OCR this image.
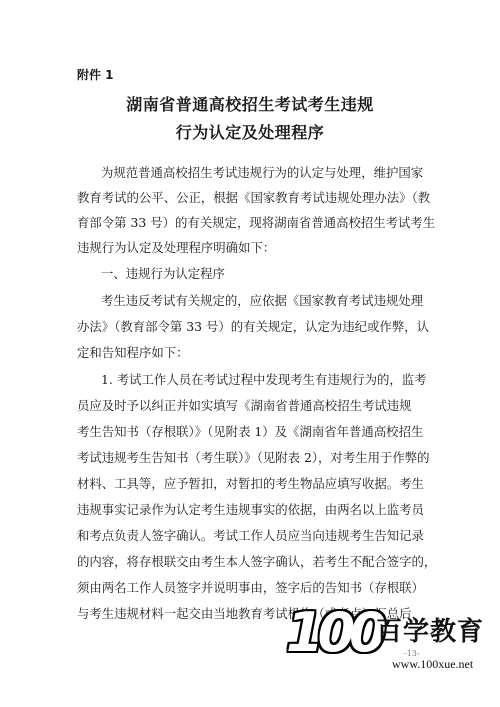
附件 1
湖南省普通高校招生考试考生违规
行为认定及处理程序
为规范普通高校招生考试违规行为的认定与处理，维护国家
教育考试的公平、公正，根据《国家教育考试违规处理办法》（教
育部令第 33 号）的有关规定，现将湖南省普通高校招生考试考生
违规行为认定及处理程序明确如下：
一、违规行为认定程序
考生违反考试有关规定的，应依据《国家教育考试违规处理
办法》（教育部令第 33 号）的有关规定，认定为违纪或作弊，认
定和告知程序如下：
1. 考试工作人员在考试过程中发现考生有违规行为的，监考
员应及时予以纠正并如实填写《湖南省普通高校招生考试违规
考生告知书（存根联）》（见附表 1）及《湖南省年普通高校招生
考试违规考生告知书（考生联）》（见附表 2），对考生用于作弊的
材料、工具等，应予暂扣，对暂扣的考生物品应填写收据。考生
违规事实记录作为认定考生违规事实的依据，由两名以上监考员
和考点负责人签字确认。考试工作人员应当向违规考生告知记录
的内容，将存根联交由考生本人签字确认，若考生不配合签字的，
须由两名工作人员签字并说明事由，签字后的告知书（存根联）
与考生违规材料一起交由当地教育考试机构（或考点）汇总后，
-13-
100
百学教育
www.100xue.net
